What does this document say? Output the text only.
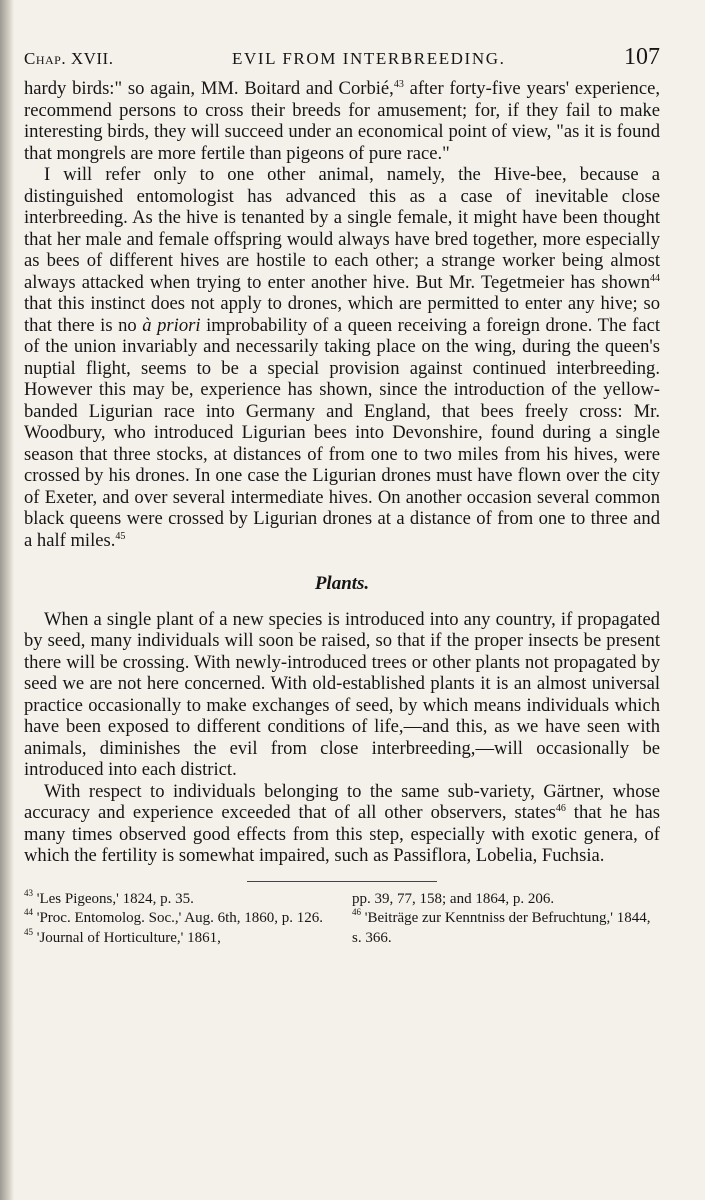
Chap. XVII.	EVIL FROM INTERBREEDING.	107

hardy birds:" so again, MM. Boitard and Corbié,$^{43}$ after forty-five years' experience, recommend persons to cross their breeds for amusement; for, if they fail to make interesting birds, they will succeed under an economical point of view, "as it is found that mongrels are more fertile than pigeons of pure race."

I will refer only to one other animal, namely, the Hive-bee, because a distinguished entomologist has advanced this as a case of inevitable close interbreeding. As the hive is tenanted by a single female, it might have been thought that her male and female offspring would always have bred together, more especially as bees of different hives are hostile to each other; a strange worker being almost always attacked when trying to enter another hive. But Mr. Tegetmeier has shown$^{44}$ that this instinct does not apply to drones, which are permitted to enter any hive; so that there is no à priori improbability of a queen receiving a foreign drone. The fact of the union invariably and necessarily taking place on the wing, during the queen's nuptial flight, seems to be a special provision against continued interbreeding. However this may be, experience has shown, since the introduction of the yellow-banded Ligurian race into Germany and England, that bees freely cross: Mr. Woodbury, who introduced Ligurian bees into Devonshire, found during a single season that three stocks, at distances of from one to two miles from his hives, were crossed by his drones. In one case the Ligurian drones must have flown over the city of Exeter, and over several intermediate hives. On another occasion several common black queens were crossed by Ligurian drones at a distance of from one to three and a half miles.$^{45}$

Plants.

When a single plant of a new species is introduced into any country, if propagated by seed, many individuals will soon be raised, so that if the proper insects be present there will be crossing. With newly-introduced trees or other plants not propagated by seed we are not here concerned. With old-established plants it is an almost universal practice occasionally to make exchanges of seed, by which means individuals which have been exposed to different conditions of life,—and this, as we have seen with animals, diminishes the evil from close interbreeding,—will occasionally be introduced into each district.

With respect to individuals belonging to the same sub-variety, Gärtner, whose accuracy and experience exceeded that of all other observers, states$^{46}$ that he has many times observed good effects from this step, especially with exotic genera, of which the fertility is somewhat impaired, such as Passiflora, Lobelia, Fuchsia.

$^{43}$ 'Les Pigeons,' 1824, p. 35.

$^{44}$ 'Proc. Entomolog. Soc.,' Aug. 6th, 1860, p. 126.

$^{45}$ 'Journal of Horticulture,' 1861,

pp. 39, 77, 158; and 1864, p. 206.

$^{46}$ 'Beiträge zur Kenntniss der Befruchtung,' 1844, s. 366.
